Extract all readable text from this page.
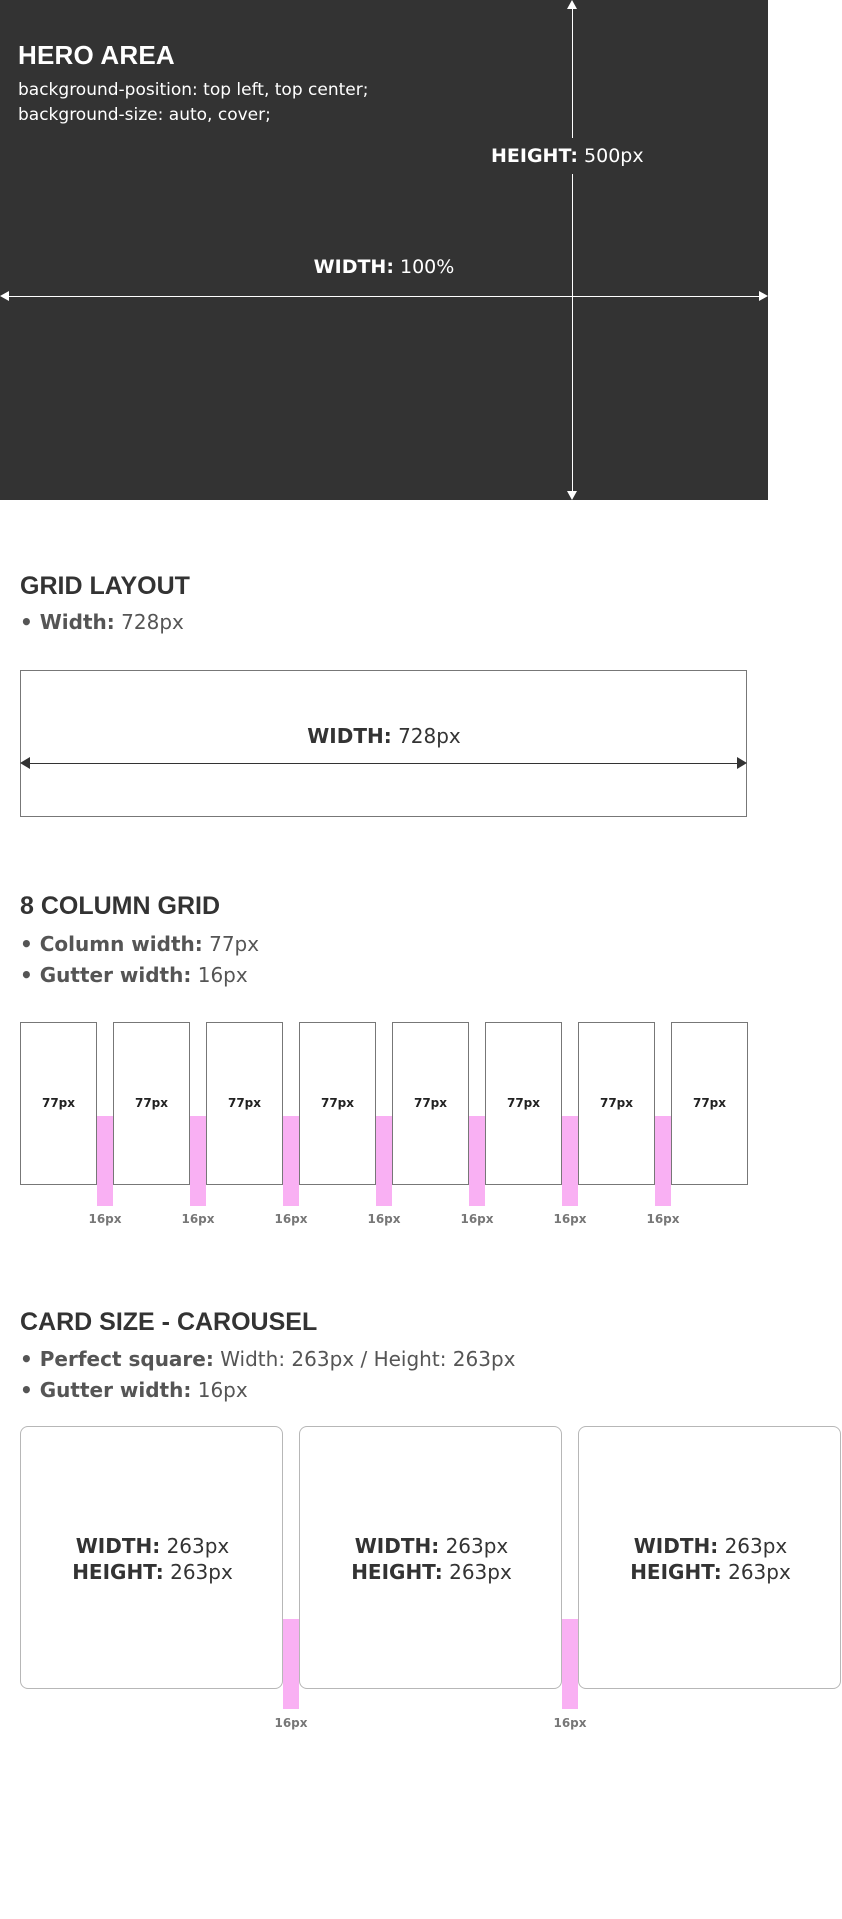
HERO AREA
background-position: top left, top center;
background-size: auto, cover;
HEIGHT: 500px
WIDTH: 100%
GRID LAYOUT
• Width: 728px
WIDTH: 728px
8 COLUMN GRID
• Column width: 77px
• Gutter width: 16px
77px	77px	77px	77px	77px	77px	77px	77px
16px	16px	16px	16px	16px	16px	16px
CARD SIZE - CAROUSEL
• Perfect square: Width: 263px / Height: 263px
• Gutter width: 16px
WIDTH: 263px
HEIGHT: 263px
WIDTH: 263px
HEIGHT: 263px
WIDTH: 263px
HEIGHT: 263px
16px	16px
